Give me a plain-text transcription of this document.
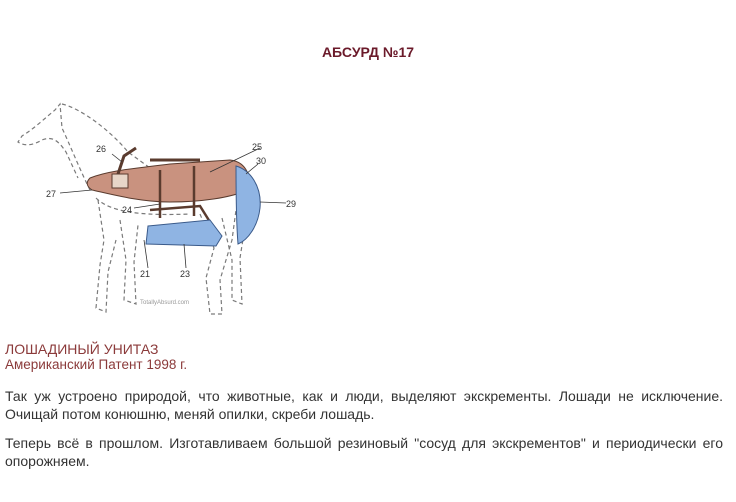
АБСУРД №17
25
26
30
27
29
24
21	23
TotallyAbsurd.com
ЛОШАДИНЫЙ УНИТАЗ
Американский Патент 1998 г.

Так уж устроено природой, что животные, как и люди, выделяют экскременты. Лошади не исключение. Очищай потом конюшню, меняй опилки, скреби лошадь.

Теперь всё в прошлом. Изготавливаем большой резиновый "сосуд для экскрементов" и периодически его опорожняем.
